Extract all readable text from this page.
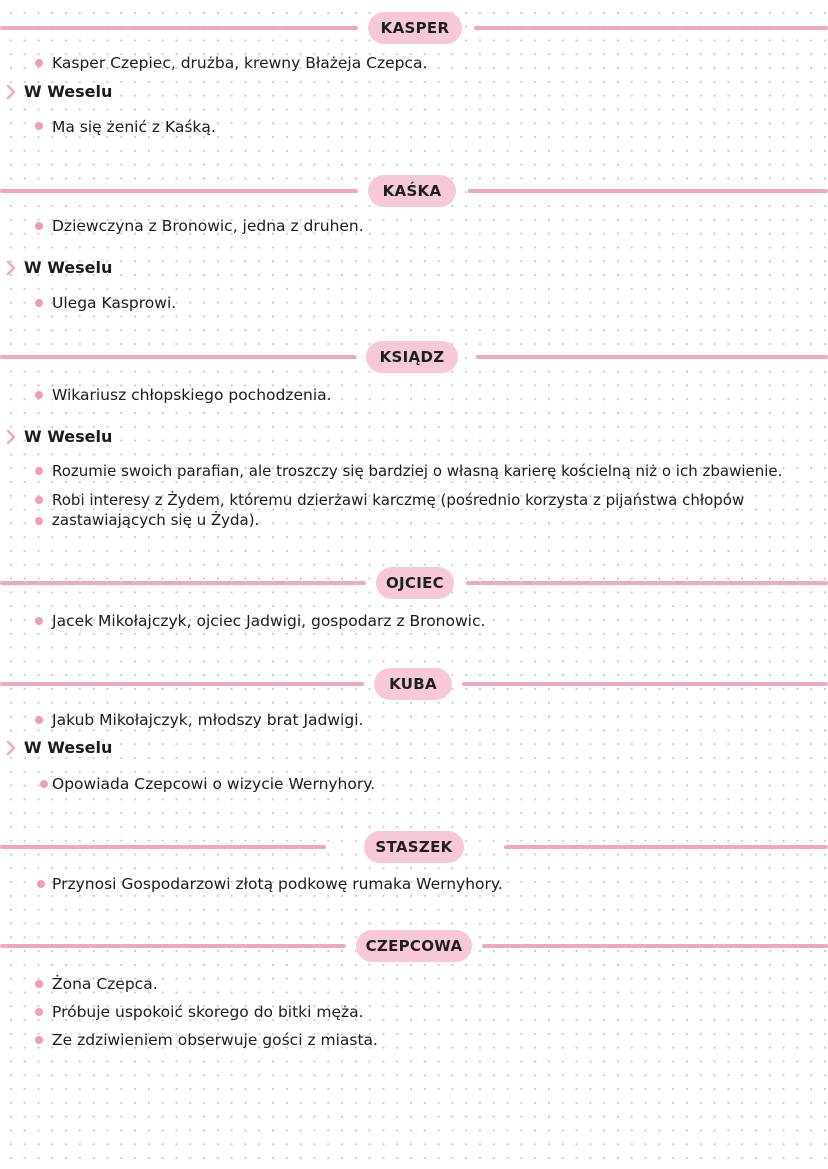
KASPER
Kasper Czepiec, drużba, krewny Błażeja Czepca.
W Weselu
Ma się żenić z Kaśką.
KAŚKA
Dziewczyna z Bronowic, jedna z druhen.
W Weselu
Ulega Kasprowi.
KSIĄDZ
Wikariusz chłopskiego pochodzenia.
W Weselu
Rozumie swoich parafian, ale troszczy się bardziej o własną karierę kościelną niż o ich zbawienie.
Robi interesy z Żydem, któremu dzierżawi karczmę (pośrednio korzysta z pijaństwa chłopów
zastawiających się u Żyda).
OJCIEC
Jacek Mikołajczyk, ojciec Jadwigi, gospodarz z Bronowic.
KUBA
Jakub Mikołajczyk, młodszy brat Jadwigi.
W Weselu
Opowiada Czepcowi o wizycie Wernyhory.
STASZEK
Przynosi Gospodarzowi złotą podkowę rumaka Wernyhory.
CZEPCOWA
Żona Czepca.
Próbuje uspokoić skorego do bitki męża.
Ze zdziwieniem obserwuje gości z miasta.
